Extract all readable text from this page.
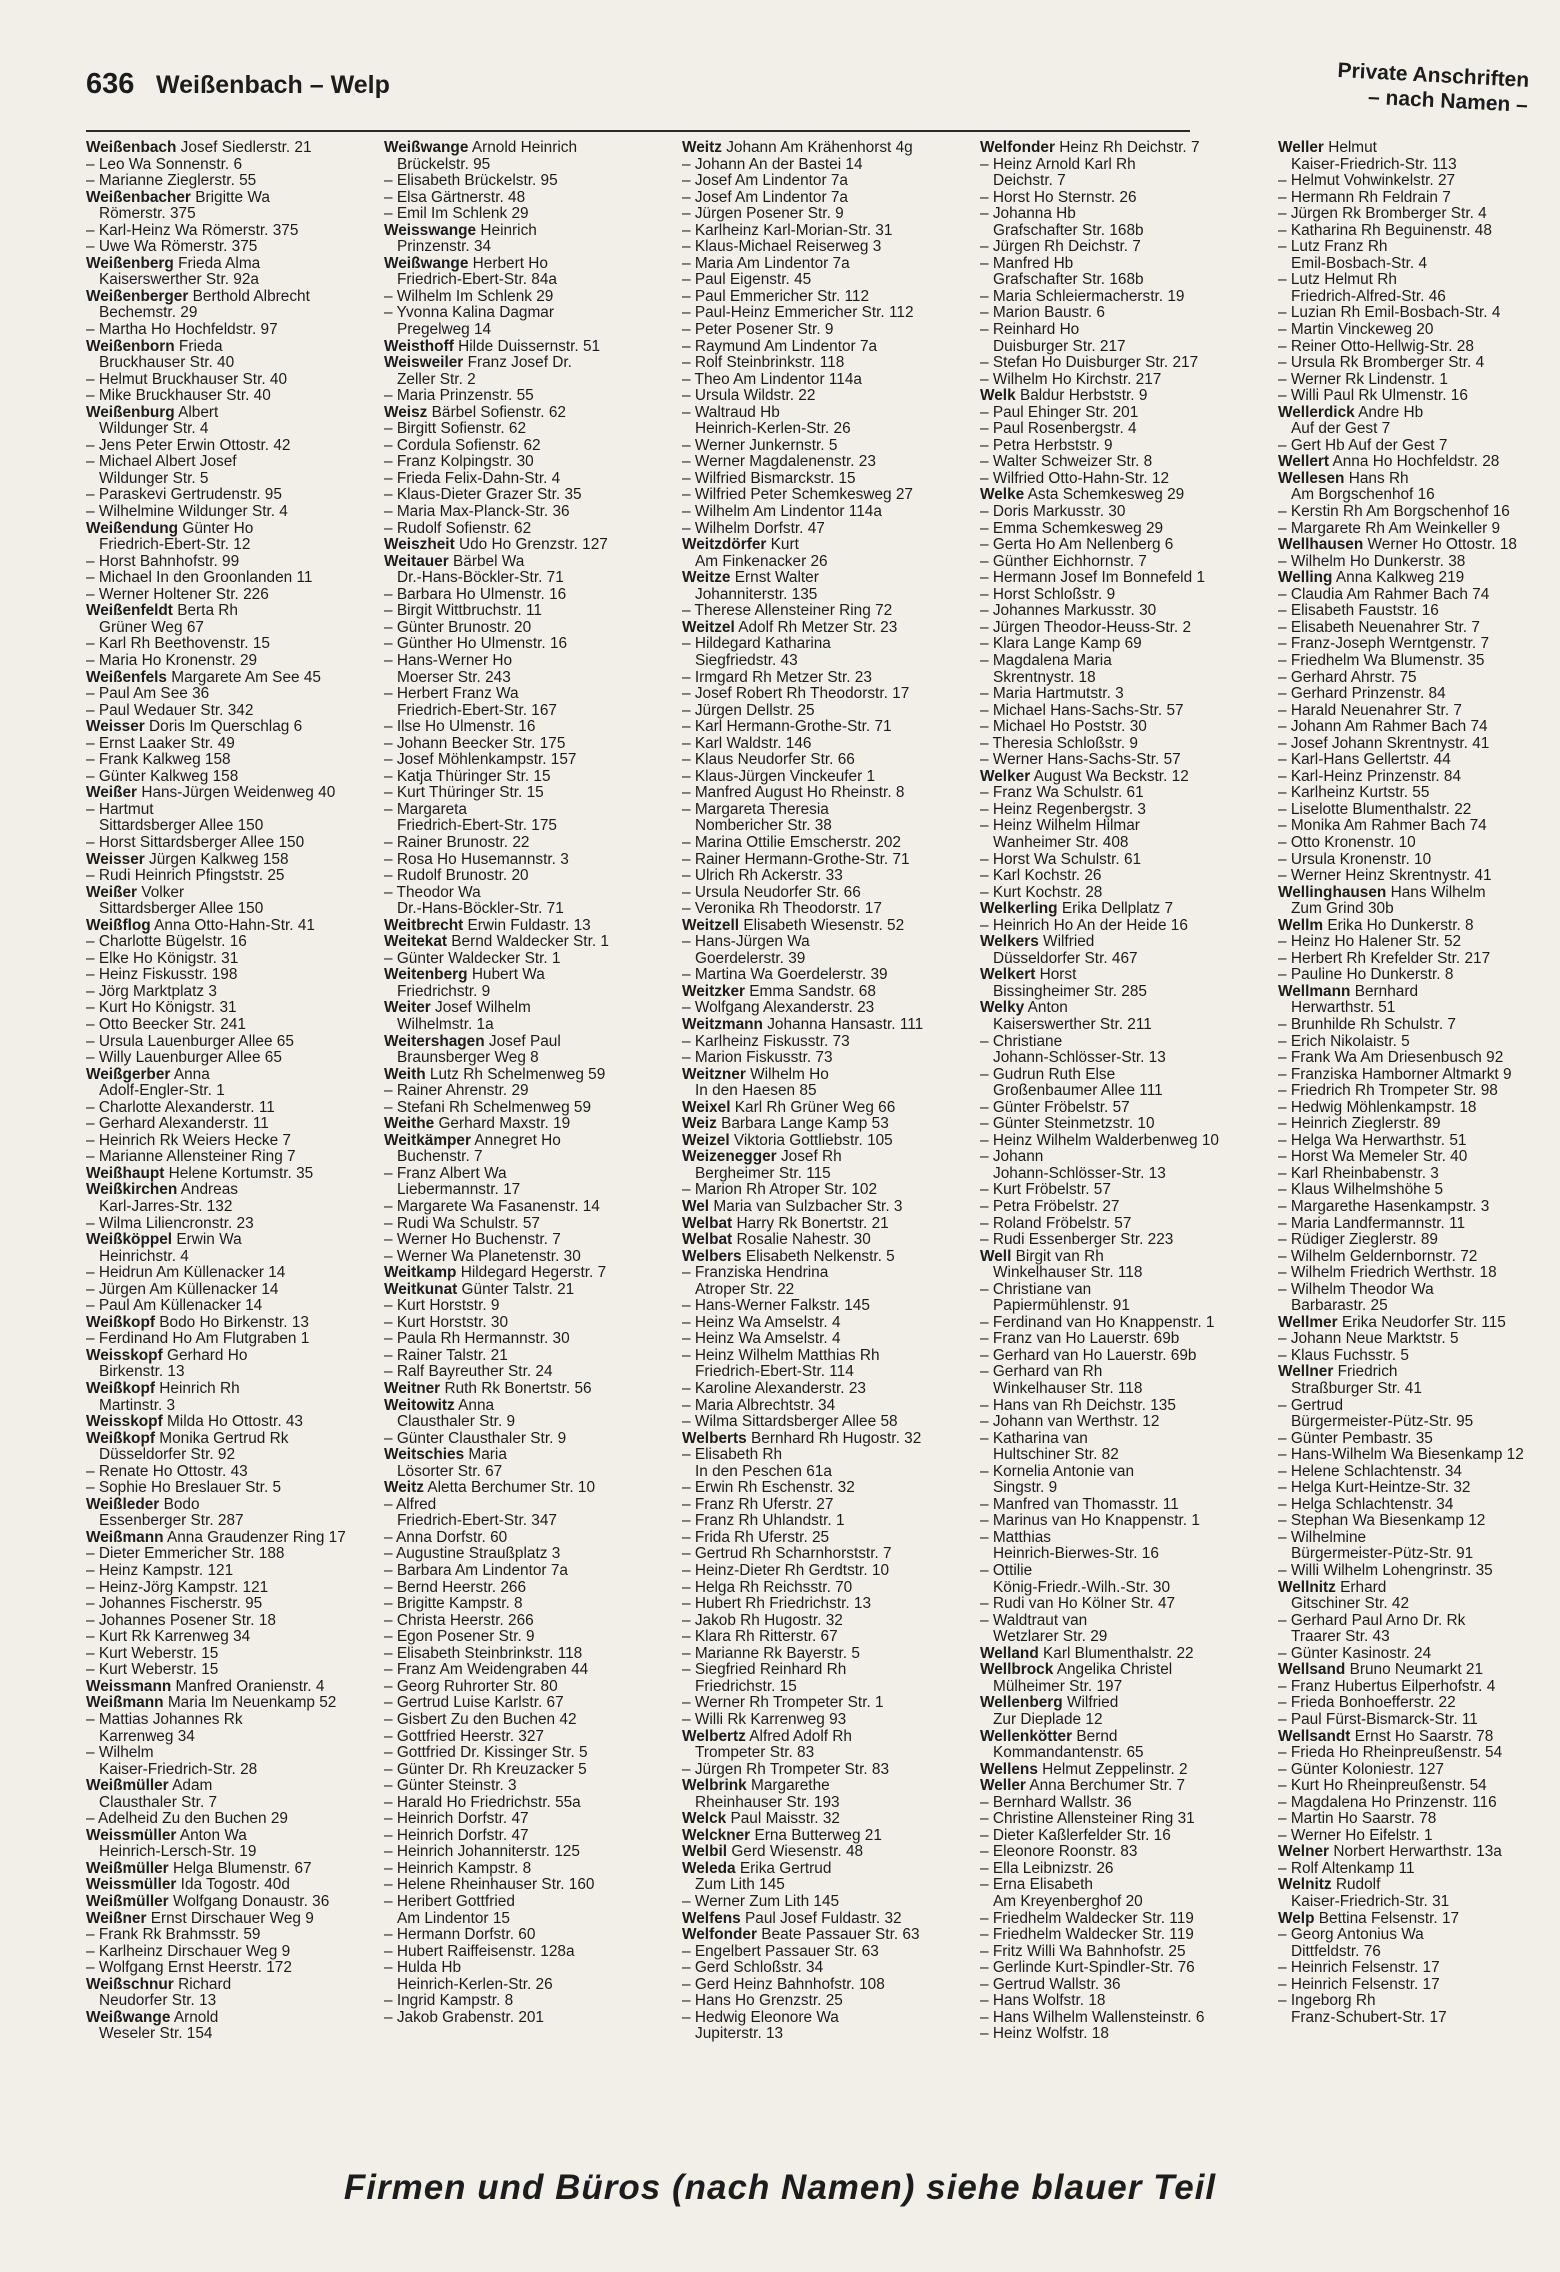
636 Weißenbach – Welp	Private Anschriften
– nach Namen –
Weißenbach Josef Siedlerstr. 21
– Leo Wa Sonnenstr. 6
– Marianne Zieglerstr. 55
Weißenbacher Brigitte Wa
Römerstr. 375
– Karl-Heinz Wa Römerstr. 375
– Uwe Wa Römerstr. 375
Weißenberg Frieda Alma
Kaiserswerther Str. 92a
Weißenberger Berthold Albrecht
Bechemstr. 29
– Martha Ho Hochfeldstr. 97
Weißenborn Frieda
Bruckhauser Str. 40
– Helmut Bruckhauser Str. 40
– Mike Bruckhauser Str. 40
Weißenburg Albert
Wildunger Str. 4
– Jens Peter Erwin Ottostr. 42
– Michael Albert Josef
Wildunger Str. 5
– Paraskevi Gertrudenstr. 95
– Wilhelmine Wildunger Str. 4
Weißendung Günter Ho
Friedrich-Ebert-Str. 12
– Horst Bahnhofstr. 99
– Michael In den Groonlanden 11
– Werner Holtener Str. 226
Weißenfeldt Berta Rh
Grüner Weg 67
– Karl Rh Beethovenstr. 15
– Maria Ho Kronenstr. 29
Weißenfels Margarete Am See 45
– Paul Am See 36
– Paul Wedauer Str. 342
Weisser Doris Im Querschlag 6
– Ernst Laaker Str. 49
– Frank Kalkweg 158
– Günter Kalkweg 158
Weißer Hans-Jürgen Weidenweg 40
– Hartmut
Sittardsberger Allee 150
– Horst Sittardsberger Allee 150
Weisser Jürgen Kalkweg 158
– Rudi Heinrich Pfingststr. 25
Weißer Volker
Sittardsberger Allee 150
Weißflog Anna Otto-Hahn-Str. 41
– Charlotte Bügelstr. 16
– Elke Ho Königstr. 31
– Heinz Fiskusstr. 198
– Jörg Marktplatz 3
– Kurt Ho Königstr. 31
– Otto Beecker Str. 241
– Ursula Lauenburger Allee 65
– Willy Lauenburger Allee 65
Weißgerber Anna
Adolf-Engler-Str. 1
– Charlotte Alexanderstr. 11
– Gerhard Alexanderstr. 11
– Heinrich Rk Weiers Hecke 7
– Marianne Allensteiner Ring 7
Weißhaupt Helene Kortumstr. 35
Weißkirchen Andreas
Karl-Jarres-Str. 132
– Wilma Liliencronstr. 23
Weißköppel Erwin Wa
Heinrichstr. 4
– Heidrun Am Küllenacker 14
– Jürgen Am Küllenacker 14
– Paul Am Küllenacker 14
Weißkopf Bodo Ho Birkenstr. 13
– Ferdinand Ho Am Flutgraben 1
Weisskopf Gerhard Ho
Birkenstr. 13
Weißkopf Heinrich Rh
Martinstr. 3
Weisskopf Milda Ho Ottostr. 43
Weißkopf Monika Gertrud Rk
Düsseldorfer Str. 92
– Renate Ho Ottostr. 43
– Sophie Ho Breslauer Str. 5
Weißleder Bodo
Essenberger Str. 287
Weißmann Anna Graudenzer Ring 17
– Dieter Emmericher Str. 188
– Heinz Kampstr. 121
– Heinz-Jörg Kampstr. 121
– Johannes Fischerstr. 95
– Johannes Posener Str. 18
– Kurt Rk Karrenweg 34
– Kurt Weberstr. 15
– Kurt Weberstr. 15
Weissmann Manfred Oranienstr. 4
Weißmann Maria Im Neuenkamp 52
– Mattias Johannes Rk
Karrenweg 34
– Wilhelm
Kaiser-Friedrich-Str. 28
Weißmüller Adam
Clausthaler Str. 7
– Adelheid Zu den Buchen 29
Weissmüller Anton Wa
Heinrich-Lersch-Str. 19
Weißmüller Helga Blumenstr. 67
Weissmüller Ida Togostr. 40d
Weißmüller Wolfgang Donaustr. 36
Weißner Ernst Dirschauer Weg 9
– Frank Rk Brahmsstr. 59
– Karlheinz Dirschauer Weg 9
– Wolfgang Ernst Heerstr. 172
Weißschnur Richard
Neudorfer Str. 13
Weißwange Arnold
Weseler Str. 154
Weißwange Arnold Heinrich
Brückelstr. 95
– Elisabeth Brückelstr. 95
– Elsa Gärtnerstr. 48
– Emil Im Schlenk 29
Weisswange Heinrich
Prinzenstr. 34
Weißwange Herbert Ho
Friedrich-Ebert-Str. 84a
– Wilhelm Im Schlenk 29
– Yvonna Kalina Dagmar
Pregelweg 14
Weisthoff Hilde Duissernstr. 51
Weisweiler Franz Josef Dr.
Zeller Str. 2
– Maria Prinzenstr. 55
Weisz Bärbel Sofienstr. 62
– Birgitt Sofienstr. 62
– Cordula Sofienstr. 62
– Franz Kolpingstr. 30
– Frieda Felix-Dahn-Str. 4
– Klaus-Dieter Grazer Str. 35
– Maria Max-Planck-Str. 36
– Rudolf Sofienstr. 62
Weiszheit Udo Ho Grenzstr. 127
Weitauer Bärbel Wa
Dr.-Hans-Böckler-Str. 71
– Barbara Ho Ulmenstr. 16
– Birgit Wittbruchstr. 11
– Günter Brunostr. 20
– Günther Ho Ulmenstr. 16
– Hans-Werner Ho
Moerser Str. 243
– Herbert Franz Wa
Friedrich-Ebert-Str. 167
– Ilse Ho Ulmenstr. 16
– Johann Beecker Str. 175
– Josef Möhlenkampstr. 157
– Katja Thüringer Str. 15
– Kurt Thüringer Str. 15
– Margareta
Friedrich-Ebert-Str. 175
– Rainer Brunostr. 22
– Rosa Ho Husemannstr. 3
– Rudolf Brunostr. 20
– Theodor Wa
Dr.-Hans-Böckler-Str. 71
Weitbrecht Erwin Fuldastr. 13
Weitekat Bernd Waldecker Str. 1
– Günter Waldecker Str. 1
Weitenberg Hubert Wa
Friedrichstr. 9
Weiter Josef Wilhelm
Wilhelmstr. 1a
Weitershagen Josef Paul
Braunsberger Weg 8
Weith Lutz Rh Schelmenweg 59
– Rainer Ahrenstr. 29
– Stefani Rh Schelmenweg 59
Weithe Gerhard Maxstr. 19
Weitkämper Annegret Ho
Buchenstr. 7
– Franz Albert Wa
Liebermannstr. 17
– Margarete Wa Fasanenstr. 14
– Rudi Wa Schulstr. 57
– Werner Ho Buchenstr. 7
– Werner Wa Planetenstr. 30
Weitkamp Hildegard Hegerstr. 7
Weitkunat Günter Talstr. 21
– Kurt Horststr. 9
– Kurt Horststr. 30
– Paula Rh Hermannstr. 30
– Rainer Talstr. 21
– Ralf Bayreuther Str. 24
Weitner Ruth Rk Bonertstr. 56
Weitowitz Anna
Clausthaler Str. 9
– Günter Clausthaler Str. 9
Weitschies Maria
Lösorter Str. 67
Weitz Aletta Berchumer Str. 10
– Alfred
Friedrich-Ebert-Str. 347
– Anna Dorfstr. 60
– Augustine Straußplatz 3
– Barbara Am Lindentor 7a
– Bernd Heerstr. 266
– Brigitte Kampstr. 8
– Christa Heerstr. 266
– Egon Posener Str. 9
– Elisabeth Steinbrinkstr. 118
– Franz Am Weidengraben 44
– Georg Ruhrorter Str. 80
– Gertrud Luise Karlstr. 67
– Gisbert Zu den Buchen 42
– Gottfried Heerstr. 327
– Gottfried Dr. Kissinger Str. 5
– Günter Dr. Rh Kreuzacker 5
– Günter Steinstr. 3
– Harald Ho Friedrichstr. 55a
– Heinrich Dorfstr. 47
– Heinrich Dorfstr. 47
– Heinrich Johanniterstr. 125
– Heinrich Kampstr. 8
– Helene Rheinhauser Str. 160
– Heribert Gottfried
Am Lindentor 15
– Hermann Dorfstr. 60
– Hubert Raiffeisenstr. 128a
– Hulda Hb
Heinrich-Kerlen-Str. 26
– Ingrid Kampstr. 8
– Jakob Grabenstr. 201
Weitz Johann Am Krähenhorst 4g
– Johann An der Bastei 14
– Josef Am Lindentor 7a
– Josef Am Lindentor 7a
– Jürgen Posener Str. 9
– Karlheinz Karl-Morian-Str. 31
– Klaus-Michael Reiserweg 3
– Maria Am Lindentor 7a
– Paul Eigenstr. 45
– Paul Emmericher Str. 112
– Paul-Heinz Emmericher Str. 112
– Peter Posener Str. 9
– Raymund Am Lindentor 7a
– Rolf Steinbrinkstr. 118
– Theo Am Lindentor 114a
– Ursula Wildstr. 22
– Waltraud Hb
Heinrich-Kerlen-Str. 26
– Werner Junkernstr. 5
– Werner Magdalenenstr. 23
– Wilfried Bismarckstr. 15
– Wilfried Peter Schemkesweg 27
– Wilhelm Am Lindentor 114a
– Wilhelm Dorfstr. 47
Weitzdörfer Kurt
Am Finkenacker 26
Weitze Ernst Walter
Johanniterstr. 135
– Therese Allensteiner Ring 72
Weitzel Adolf Rh Metzer Str. 23
– Hildegard Katharina
Siegfriedstr. 43
– Irmgard Rh Metzer Str. 23
– Josef Robert Rh Theodorstr. 17
– Jürgen Dellstr. 25
– Karl Hermann-Grothe-Str. 71
– Karl Waldstr. 146
– Klaus Neudorfer Str. 66
– Klaus-Jürgen Vinckeufer 1
– Manfred August Ho Rheinstr. 8
– Margareta Theresia
Nombericher Str. 38
– Marina Ottilie Emscherstr. 202
– Rainer Hermann-Grothe-Str. 71
– Ulrich Rh Ackerstr. 33
– Ursula Neudorfer Str. 66
– Veronika Rh Theodorstr. 17
Weitzell Elisabeth Wiesenstr. 52
– Hans-Jürgen Wa
Goerdelerstr. 39
– Martina Wa Goerdelerstr. 39
Weitzker Emma Sandstr. 68
– Wolfgang Alexanderstr. 23
Weitzmann Johanna Hansastr. 111
– Karlheinz Fiskusstr. 73
– Marion Fiskusstr. 73
Weitzner Wilhelm Ho
In den Haesen 85
Weixel Karl Rh Grüner Weg 66
Weiz Barbara Lange Kamp 53
Weizel Viktoria Gottliebstr. 105
Weizenegger Josef Rh
Bergheimer Str. 115
– Marion Rh Atroper Str. 102
Wel Maria van Sulzbacher Str. 3
Welbat Harry Rk Bonertstr. 21
Welbat Rosalie Nahestr. 30
Welbers Elisabeth Nelkenstr. 5
– Franziska Hendrina
Atroper Str. 22
– Hans-Werner Falkstr. 145
– Heinz Wa Amselstr. 4
– Heinz Wa Amselstr. 4
– Heinz Wilhelm Matthias Rh
Friedrich-Ebert-Str. 114
– Karoline Alexanderstr. 23
– Maria Albrechtstr. 34
– Wilma Sittardsberger Allee 58
Welberts Bernhard Rh Hugostr. 32
– Elisabeth Rh
In den Peschen 61a
– Erwin Rh Eschenstr. 32
– Franz Rh Uferstr. 27
– Franz Rh Uhlandstr. 1
– Frida Rh Uferstr. 25
– Gertrud Rh Scharnhorststr. 7
– Heinz-Dieter Rh Gerdtstr. 10
– Helga Rh Reichsstr. 70
– Hubert Rh Friedrichstr. 13
– Jakob Rh Hugostr. 32
– Klara Rh Ritterstr. 67
– Marianne Rk Bayerstr. 5
– Siegfried Reinhard Rh
Friedrichstr. 15
– Werner Rh Trompeter Str. 1
– Willi Rk Karrenweg 93
Welbertz Alfred Adolf Rh
Trompeter Str. 83
– Jürgen Rh Trompeter Str. 83
Welbrink Margarethe
Rheinhauser Str. 193
Welck Paul Maisstr. 32
Welckner Erna Butterweg 21
Welbil Gerd Wiesenstr. 48
Weleda Erika Gertrud
Zum Lith 145
– Werner Zum Lith 145
Welfens Paul Josef Fuldastr. 32
Welfonder Beate Passauer Str. 63
– Engelbert Passauer Str. 63
– Gerd Schloßstr. 34
– Gerd Heinz Bahnhofstr. 108
– Hans Ho Grenzstr. 25
– Hedwig Eleonore Wa
Jupiterstr. 13
Welfonder Heinz Rh Deichstr. 7
– Heinz Arnold Karl Rh
Deichstr. 7
– Horst Ho Sternstr. 26
– Johanna Hb
Grafschafter Str. 168b
– Jürgen Rh Deichstr. 7
– Manfred Hb
Grafschafter Str. 168b
– Maria Schleiermacherstr. 19
– Marion Baustr. 6
– Reinhard Ho
Duisburger Str. 217
– Stefan Ho Duisburger Str. 217
– Wilhelm Ho Kirchstr. 217
Welk Baldur Herbststr. 9
– Paul Ehinger Str. 201
– Paul Rosenbergstr. 4
– Petra Herbststr. 9
– Walter Schweizer Str. 8
– Wilfried Otto-Hahn-Str. 12
Welke Asta Schemkesweg 29
– Doris Markusstr. 30
– Emma Schemkesweg 29
– Gerta Ho Am Nellenberg 6
– Günther Eichhornstr. 7
– Hermann Josef Im Bonnefeld 1
– Horst Schloßstr. 9
– Johannes Markusstr. 30
– Jürgen Theodor-Heuss-Str. 2
– Klara Lange Kamp 69
– Magdalena Maria
Skrentnystr. 18
– Maria Hartmutstr. 3
– Michael Hans-Sachs-Str. 57
– Michael Ho Poststr. 30
– Theresia Schloßstr. 9
– Werner Hans-Sachs-Str. 57
Welker August Wa Beckstr. 12
– Franz Wa Schulstr. 61
– Heinz Regenbergstr. 3
– Heinz Wilhelm Hilmar
Wanheimer Str. 408
– Horst Wa Schulstr. 61
– Karl Kochstr. 26
– Kurt Kochstr. 28
Welkerling Erika Dellplatz 7
– Heinrich Ho An der Heide 16
Welkers Wilfried
Düsseldorfer Str. 467
Welkert Horst
Bissingheimer Str. 285
Welky Anton
Kaiserswerther Str. 211
– Christiane
Johann-Schlösser-Str. 13
– Gudrun Ruth Else
Großenbaumer Allee 111
– Günter Fröbelstr. 57
– Günter Steinmetzstr. 10
– Heinz Wilhelm Walderbenweg 10
– Johann
Johann-Schlösser-Str. 13
– Kurt Fröbelstr. 57
– Petra Fröbelstr. 27
– Roland Fröbelstr. 57
– Rudi Essenberger Str. 223
Well Birgit van Rh
Winkelhauser Str. 118
– Christiane van
Papiermühlenstr. 91
– Ferdinand van Ho Knappenstr. 1
– Franz van Ho Lauerstr. 69b
– Gerhard van Ho Lauerstr. 69b
– Gerhard van Rh
Winkelhauser Str. 118
– Hans van Rh Deichstr. 135
– Johann van Werthstr. 12
– Katharina van
Hultschiner Str. 82
– Kornelia Antonie van
Singstr. 9
– Manfred van Thomasstr. 11
– Marinus van Ho Knappenstr. 1
– Matthias
Heinrich-Bierwes-Str. 16
– Ottilie
König-Friedr.-Wilh.-Str. 30
– Rudi van Ho Kölner Str. 47
– Waldtraut van
Wetzlarer Str. 29
Welland Karl Blumenthalstr. 22
Wellbrock Angelika Christel
Mülheimer Str. 197
Wellenberg Wilfried
Zur Diеplade 12
Wellenkötter Bernd
Kommandantenstr. 65
Wellens Helmut Zeppelinstr. 2
Weller Anna Berchumer Str. 7
– Bernhard Wallstr. 36
– Christine Allensteiner Ring 31
– Dieter Kaßlerfelder Str. 16
– Eleonore Roonstr. 83
– Ella Leibnizstr. 26
– Erna Elisabeth
Am Kreyenberghof 20
– Friedhelm Waldecker Str. 119
– Friedhelm Waldecker Str. 119
– Fritz Willi Wa Bahnhofstr. 25
– Gerlinde Kurt-Spindler-Str. 76
– Gertrud Wallstr. 36
– Hans Wolfstr. 18
– Hans Wilhelm Wallensteinstr. 6
– Heinz Wolfstr. 18
Weller Helmut
Kaiser-Friedrich-Str. 113
– Helmut Vohwinkelstr. 27
– Hermann Rh Feldrain 7
– Jürgen Rk Bromberger Str. 4
– Katharina Rh Beguinenstr. 48
– Lutz Franz Rh
Emil-Bosbach-Str. 4
– Lutz Helmut Rh
Friedrich-Alfred-Str. 46
– Luzian Rh Emil-Bosbach-Str. 4
– Martin Vinckeweg 20
– Reiner Otto-Hellwig-Str. 28
– Ursula Rk Bromberger Str. 4
– Werner Rk Lindenstr. 1
– Willi Paul Rk Ulmenstr. 16
Wellerdick Andre Hb
Auf der Gest 7
– Gert Hb Auf der Gest 7
Wellert Anna Ho Hochfeldstr. 28
Wellesen Hans Rh
Am Borgschenhof 16
– Kerstin Rh Am Borgschenhof 16
– Margarete Rh Am Weinkeller 9
Wellhausen Werner Ho Ottostr. 18
– Wilhelm Ho Dunkerstr. 38
Welling Anna Kalkweg 219
– Claudia Am Rahmer Bach 74
– Elisabeth Fauststr. 16
– Elisabeth Neuenahrer Str. 7
– Franz-Joseph Werntgenstr. 7
– Friedhelm Wa Blumenstr. 35
– Gerhard Ahrstr. 75
– Gerhard Prinzenstr. 84
– Harald Neuenahrer Str. 7
– Johann Am Rahmer Bach 74
– Josef Johann Skrentnystr. 41
– Karl-Hans Gellertstr. 44
– Karl-Heinz Prinzenstr. 84
– Karlheinz Kurtstr. 55
– Liselotte Blumenthalstr. 22
– Monika Am Rahmer Bach 74
– Otto Kronenstr. 10
– Ursula Kronenstr. 10
– Werner Heinz Skrentnystr. 41
Wellinghausen Hans Wilhelm
Zum Grind 30b
Wellm Erika Ho Dunkerstr. 8
– Heinz Ho Halener Str. 52
– Herbert Rh Krefelder Str. 217
– Pauline Ho Dunkerstr. 8
Wellmann Bernhard
Herwarthstr. 51
– Brunhilde Rh Schulstr. 7
– Erich Nikolaistr. 5
– Frank Wa Am Driesenbusch 92
– Franziska Hamborner Altmarkt 9
– Friedrich Rh Trompeter Str. 98
– Hedwig Möhlenkampstr. 18
– Heinrich Zieglerstr. 89
– Helga Wa Herwarthstr. 51
– Horst Wa Memeler Str. 40
– Karl Rheinbabenstr. 3
– Klaus Wilhelmshöhe 5
– Margarethe Hasenkampstr. 3
– Maria Landfermannstr. 11
– Rüdiger Zieglerstr. 89
– Wilhelm Geldernbornstr. 72
– Wilhelm Friedrich Werthstr. 18
– Wilhelm Theodor Wa
Barbarastr. 25
Wellmer Erika Neudorfer Str. 115
– Johann Neue Marktstr. 5
– Klaus Fuchsstr. 5
Wellner Friedrich
Straßburger Str. 41
– Gertrud
Bürgermeister-Pütz-Str. 95
– Günter Pembastr. 35
– Hans-Wilhelm Wa Biesenkamp 12
– Helene Schlachtenstr. 34
– Helga Kurt-Heintze-Str. 32
– Helga Schlachtenstr. 34
– Stephan Wa Biesenkamp 12
– Wilhelmine
Bürgermeister-Pütz-Str. 91
– Willi Wilhelm Lohengrinstr. 35
Wellnitz Erhard
Gitschiner Str. 42
– Gerhard Paul Arno Dr. Rk
Traarer Str. 43
– Günter Kasinostr. 24
Wellsand Bruno Neumarkt 21
– Franz Hubertus Eilperhofstr. 4
– Frieda Bonhoefferstr. 22
– Paul Fürst-Bismarck-Str. 11
Wellsandt Ernst Ho Saarstr. 78
– Frieda Ho Rheinpreußenstr. 54
– Günter Koloniestr. 127
– Kurt Ho Rheinpreußenstr. 54
– Magdalena Ho Prinzenstr. 116
– Martin Ho Saarstr. 78
– Werner Ho Eifelstr. 1
Welner Norbert Herwarthstr. 13a
– Rolf Altenkamp 11
Welnitz Rudolf
Kaiser-Friedrich-Str. 31
Welp Bettina Felsenstr. 17
– Georg Antonius Wa
Dittfeldstr. 76
– Heinrich Felsenstr. 17
– Heinrich Felsenstr. 17
– Ingeborg Rh
Franz-Schubert-Str. 17
Firmen und Büros (nach Namen) siehe blauer Teil
